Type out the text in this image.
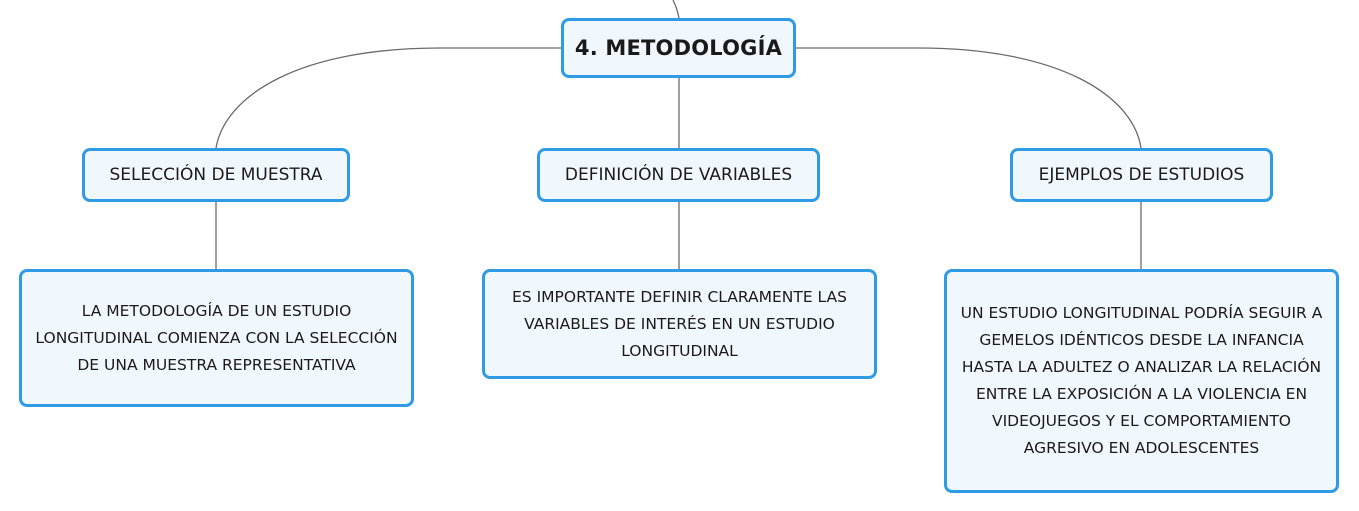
4. METODOLOGÍA
SELECCIÓN DE MUESTRA	DEFINICIÓN DE VARIABLES	EJEMPLOS DE ESTUDIOS
LA METODOLOGÍA DE UN ESTUDIO LONGITUDINAL COMIENZA CON LA SELECCIÓN DE UNA MUESTRA REPRESENTATIVA
ES IMPORTANTE DEFINIR CLARAMENTE LAS VARIABLES DE INTERÉS EN UN ESTUDIO LONGITUDINAL
UN ESTUDIO LONGITUDINAL PODRÍA SEGUIR A GEMELOS IDÉNTICOS DESDE LA INFANCIA HASTA LA ADULTEZ O ANALIZAR LA RELACIÓN ENTRE LA EXPOSICIÓN A LA VIOLENCIA EN VIDEOJUEGOS Y EL COMPORTAMIENTO AGRESIVO EN ADOLESCENTES
